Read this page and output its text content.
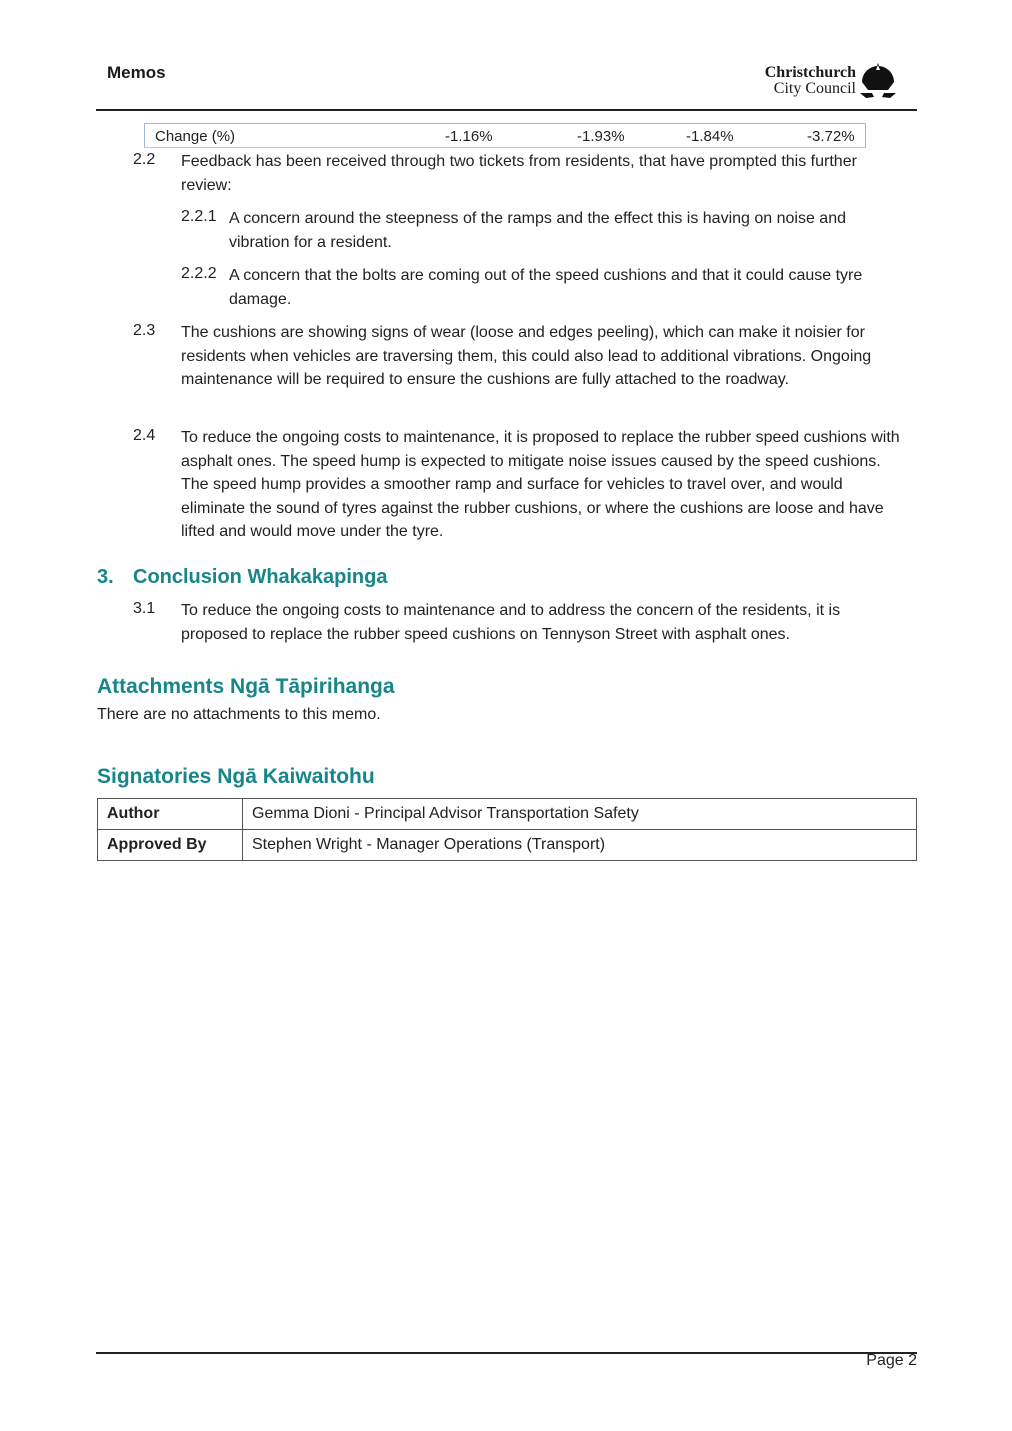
Memos	Christchurch
City Council
Change (%)	-1.16%	-1.93%	-1.84%	-3.72%
2.2 Feedback has been received through two tickets from residents, that have prompted this further review:
2.2.1 A concern around the steepness of the ramps and the effect this is having on noise and vibration for a resident.
2.2.2 A concern that the bolts are coming out of the speed cushions and that it could cause tyre damage.
2.3 The cushions are showing signs of wear (loose and edges peeling), which can make it noisier for residents when vehicles are traversing them, this could also lead to additional vibrations. Ongoing maintenance will be required to ensure the cushions are fully attached to the roadway.
2.4 To reduce the ongoing costs to maintenance, it is proposed to replace the rubber speed cushions with asphalt ones. The speed hump is expected to mitigate noise issues caused by the speed cushions. The speed hump provides a smoother ramp and surface for vehicles to travel over, and would eliminate the sound of tyres against the rubber cushions, or where the cushions are loose and have lifted and would move under the tyre.
3. Conclusion Whakakapinga
3.1 To reduce the ongoing costs to maintenance and to address the concern of the residents, it is proposed to replace the rubber speed cushions on Tennyson Street with asphalt ones.
Attachments Ngā Tāpirihanga
There are no attachments to this memo.
Signatories Ngā Kaiwaitohu
Author	Gemma Dioni - Principal Advisor Transportation Safety
Approved By	Stephen Wright - Manager Operations (Transport)
Page 2
